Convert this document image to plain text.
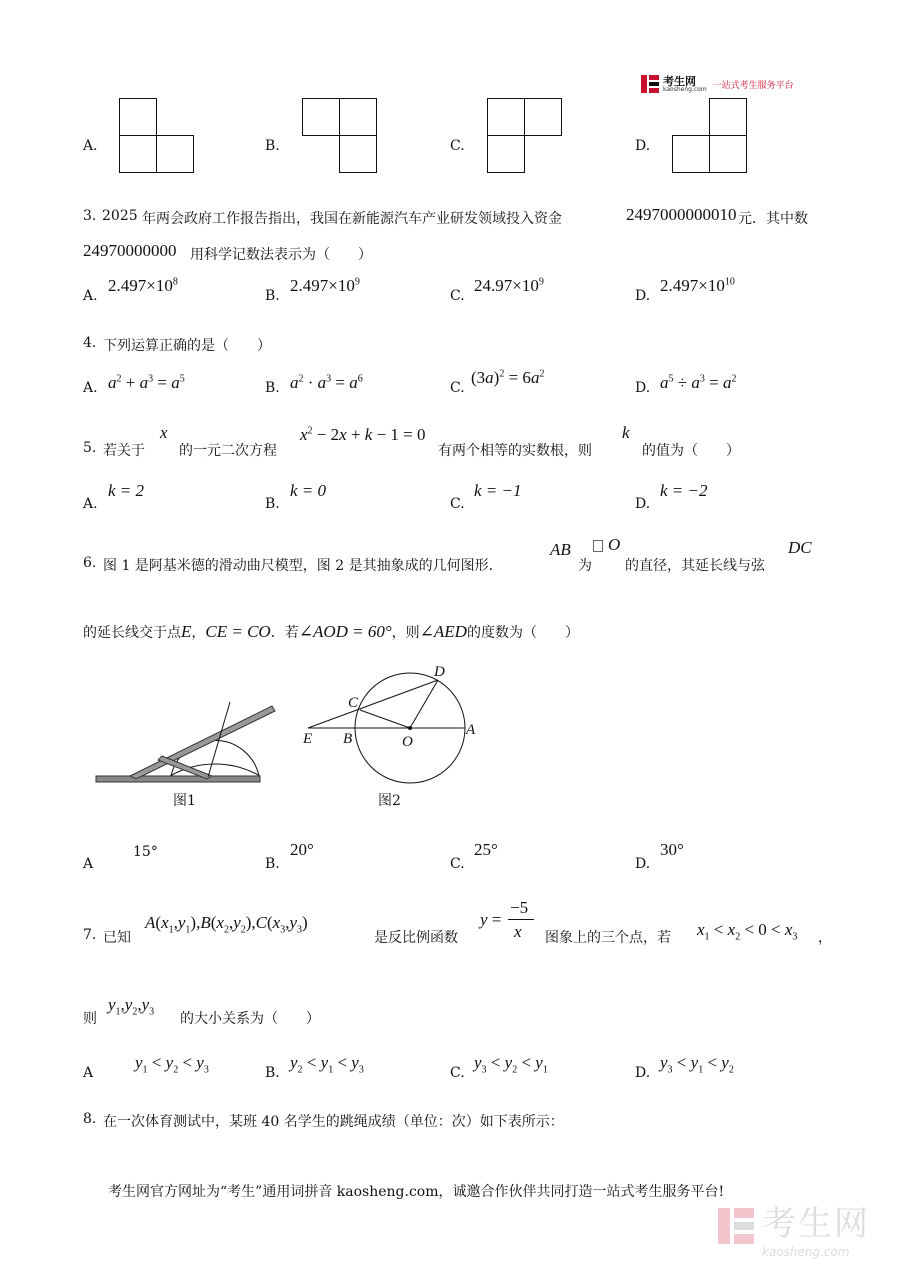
考生网
kaosheng.com 一站式考生服务平台
A.	B.	C.	D.
3. 2025 年两会政府工作报告指出，我国在新能源汽车产业研发领域投入资金	2497000000010 元．其中数
24970000000 用科学记数法表示为（　　）
A.
$2.497\times 10^8$
B.
$2.497\times 10^9$
C.
$24.97\times 10^9$
D.
$2.497\times 10^{10}$
4. 下列运算正确的是（　　）
A. $a^2 + a^3 = a^5$
B. $a^2 \cdot a^3 = a^6$
C.
$(3a)^2 = 6a^2$
D. $a^5 \div a^3 = a^2$
5. 若关于
x
的一元二次方程
$x^2 - 2x + k - 1 = 0$
有两个相等的实数根，则
k
的值为（　　）
A.
k = 2
B.
k = 0
C.
k = −1
D.
k = −2
6. 图 1 是阿基米德的滑动曲尺模型，图 2 是其抽象成的几何图形．
AB
为
O
的直径，其延长线与弦
DC
的延长线交于点E，CE = CO．若∠AOD = 60°，则∠AED的度数为（　　）
图1
D
C
E B	O
A
图2
A
15°
B.
20°
C.
25°
D.
30°
7. 已知
$A(x_1,y_1),B(x_2,y_2),C(x_3,y_3)$
是反比例函数
y =
−5
x 图象上的三个点，若 $x_1 < x_2 < 0 < x_3$ ，
则
$y_1,y_2,y_3$ 的大小关系为（　　）
A
$y_1 < y_2 < y_3$	B.
$y_2 < y_1 < y_3$	C.
$y_3 < y_2 < y_1$	D.
$y_3 < y_1 < y_2$
8. 在一次体育测试中，某班 40 名学生的跳绳成绩（单位：次）如下表所示：
考生网官方网址为“考生”通用词拼音 kaosheng.com，诚邀合作伙伴共同打造一站式考生服务平台!
考生网
kaosheng.com
